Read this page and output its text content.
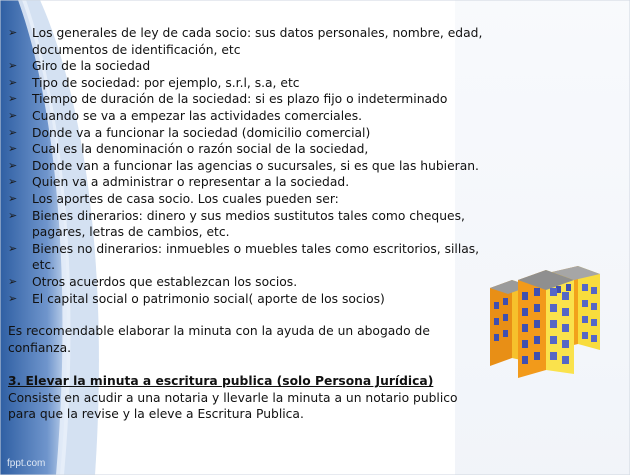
➢ Los generales de ley de cada socio: sus datos personales, nombre, edad, documentos de identificación, etc
➢ Giro de la sociedad
➢ Tipo de sociedad: por ejemplo, s.r.l, s.a, etc
➢ Tiempo de duración de la sociedad: si es plazo fijo o indeterminado
➢ Cuando se va a empezar las actividades comerciales.
➢ Donde va a funcionar la sociedad (domicilio comercial)
➢ Cual es la denominación o razón social de la sociedad,
➢ Donde van a funcionar las agencias o sucursales, si es que las hubieran.
➢ Quien va a administrar o representar a la sociedad.
➢ Los aportes de casa socio. Los cuales pueden ser:
➢ Bienes dinerarios: dinero y sus medios sustitutos tales como cheques, pagares, letras de cambios, etc.
➢ Bienes no dinerarios: inmuebles o muebles tales como escritorios, sillas, etc.
➢ Otros acuerdos que establezcan los socios.
➢ El capital social o patrimonio social( aporte de los socios)

Es recomendable elaborar la minuta con la ayuda de un abogado de confianza.

3. Elevar la minuta a escritura publica (solo Persona Jurídica)

Consiste en acudir a una notaria y llevarle la minuta a un notario publico para que la revise y la eleve a Escritura Publica.

fppt.com
